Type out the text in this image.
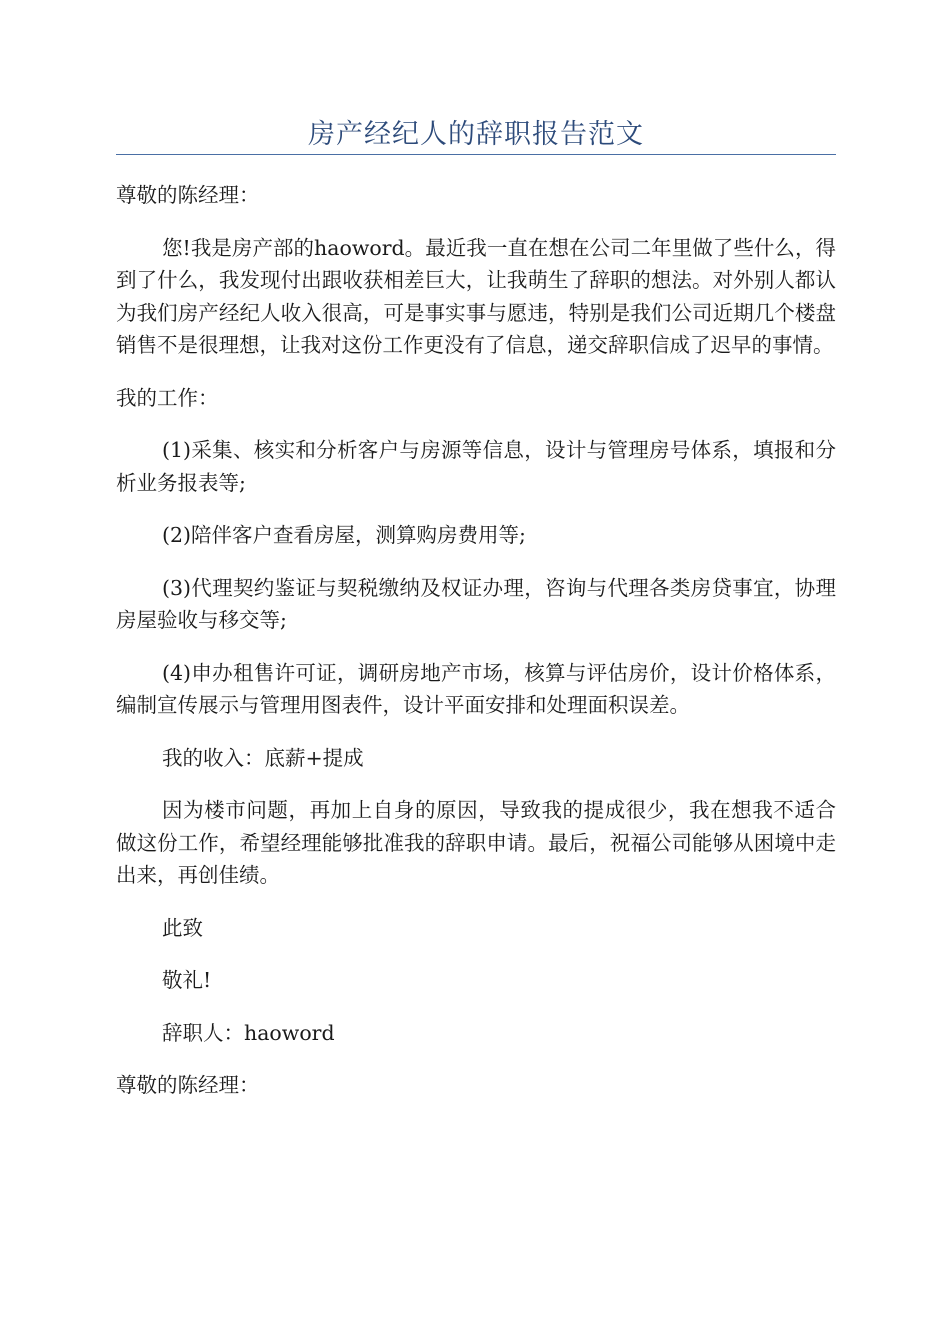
房产经纪人的辞职报告范文

尊敬的陈经理：

您!我是房产部的haoword。最近我一直在想在公司二年里做了些什么，得到了什么，我发现付出跟收获相差巨大，让我萌生了辞职的想法。对外别人都认为我们房产经纪人收入很高，可是事实事与愿违，特别是我们公司近期几个楼盘销售不是很理想，让我对这份工作更没有了信息，递交辞职信成了迟早的事情。

我的工作：

(1)采集、核实和分析客户与房源等信息，设计与管理房号体系，填报和分析业务报表等;

(2)陪伴客户查看房屋，测算购房费用等;

(3)代理契约鉴证与契税缴纳及权证办理，咨询与代理各类房贷事宜，协理房屋验收与移交等;

(4)申办租售许可证，调研房地产市场，核算与评估房价，设计价格体系，编制宣传展示与管理用图表件，设计平面安排和处理面积误差。

我的收入：底薪+提成

因为楼市问题，再加上自身的原因，导致我的提成很少，我在想我不适合做这份工作，希望经理能够批准我的辞职申请。最后，祝福公司能够从困境中走出来，再创佳绩。

此致

敬礼!

辞职人：haoword

尊敬的陈经理：
